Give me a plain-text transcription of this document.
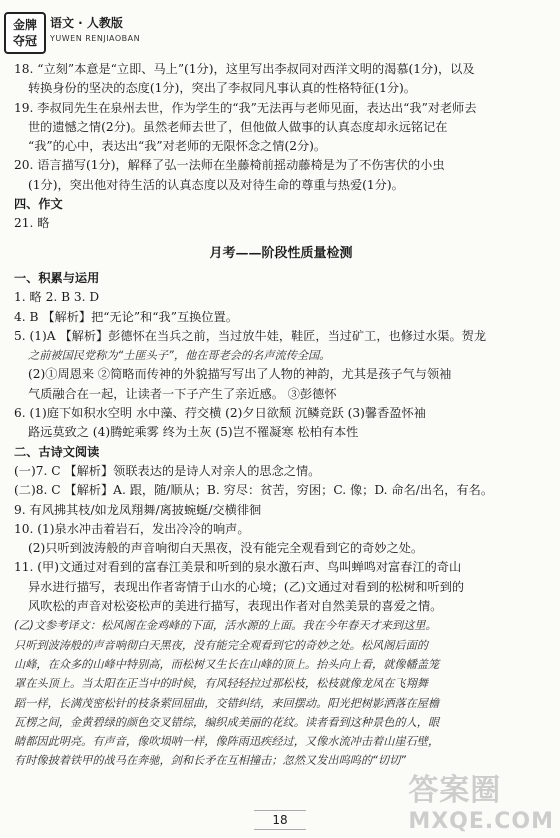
金牌
夺冠
语文 · 人教版
YUWEN RENJIAOBAN
18. “立刻”本意是“立即、马上”(1分)，这里写出李叔同对西洋文明的渴慕(1分)，以及
转换身份的坚决的态度(1分)，突出了李叔同凡事认真的性格特征(1分)。
19. 李叔同先生在泉州去世，作为学生的“我”无法再与老师见面，表达出“我”对老师去
世的遗憾之情(2分)。虽然老师去世了，但他做人做事的认真态度却永远铭记在
“我”的心中，表达出“我”对老师的无限怀念之情(2分)。
20. 语言描写(1分)，解释了弘一法师在坐藤椅前摇动藤椅是为了不伤害伏的小虫
(1分)，突出他对待生活的认真态度以及对待生命的尊重与热爱(1分)。
四、作文
21. 略
月考——阶段性质量检测
一、积累与运用
1. 略 2. B 3. D
4. B 【解析】把“无论”和“我”互换位置。
5. (1)A 【解析】彭德怀在当兵之前，当过放牛娃，鞋匠，当过矿工，也修过水渠。贺龙
之前被国民党称为“土匪头子”，他在哥老会的名声流传全国。
(2)①周恩来 ②简略而传神的外貌描写写出了人物的神韵，尤其是孩子气与领袖
气质融合在一起，让读者一下子产生了亲近感。 ③彭德怀
6. (1)庭下如积水空明 水中藻、荇交横 (2)夕日欲颓 沉鳞竞跃 (3)馨香盈怀袖
路远莫致之 (4)腾蛇乘雾 终为土灰 (5)岂不罹凝寒 松柏有本性
二、古诗文阅读
(一)7. C 【解析】领联表达的是诗人对亲人的思念之情。
(二)8. C 【解析】A. 跟，随/顺从；B. 穷尽：贫苦，穷困；C. 像；D. 命名/出名，有名。
9. 有风拂其枝/如龙凤翔舞/离披蜿蜒/交横徘徊
10. (1)泉水冲击着岩石，发出冷冷的响声。
(2)只听到波涛般的声音响彻白天黑夜，没有能完全观看到它的奇妙之处。
11. (甲)文通过对看到的富春江美景和听到的泉水激石声、鸟叫蝉鸣对富春江的奇山
异水进行描写，表现出作者寄情于山水的心境；(乙)文通过对看到的松树和听到的
风吹松的声音对松姿松声的美进行描写，表现出作者对自然美景的喜爱之情。
(乙)文参考译文：松风阁在金鸡峰的下面，活水源的上面。我在今年春天才来到这里。
只听到波涛般的声音响彻白天黑夜，没有能完全观看到它的奇妙之处。松风阁后面的
山峰，在众多的山峰中特别高，而松树又生长在山峰的顶上。抬头向上看，就像幡盖笼
罩在头顶上。当太阳在正当中的时候，有风轻轻拉过那松枝，松枝就像龙凤在飞翔舞
蹈一样，长满茂密松针的枝条萦回屈曲，交错纠结，来回摆动。阳光把树影洒落在屋檐
瓦楞之间，金黄碧绿的颜色交叉错综，编织成美丽的花纹。读者看到这种景色的人，眼
睛都因此明亮。有声音，像吹埙呐一样，像阵雨迅疾经过，又像水流冲击着山崖石壁，
有时像披着铁甲的战马在奔驰，剑和长矛在互相撞击；忽然又发出呜呜的“切切”
18
答案圈
MXQE.COM
